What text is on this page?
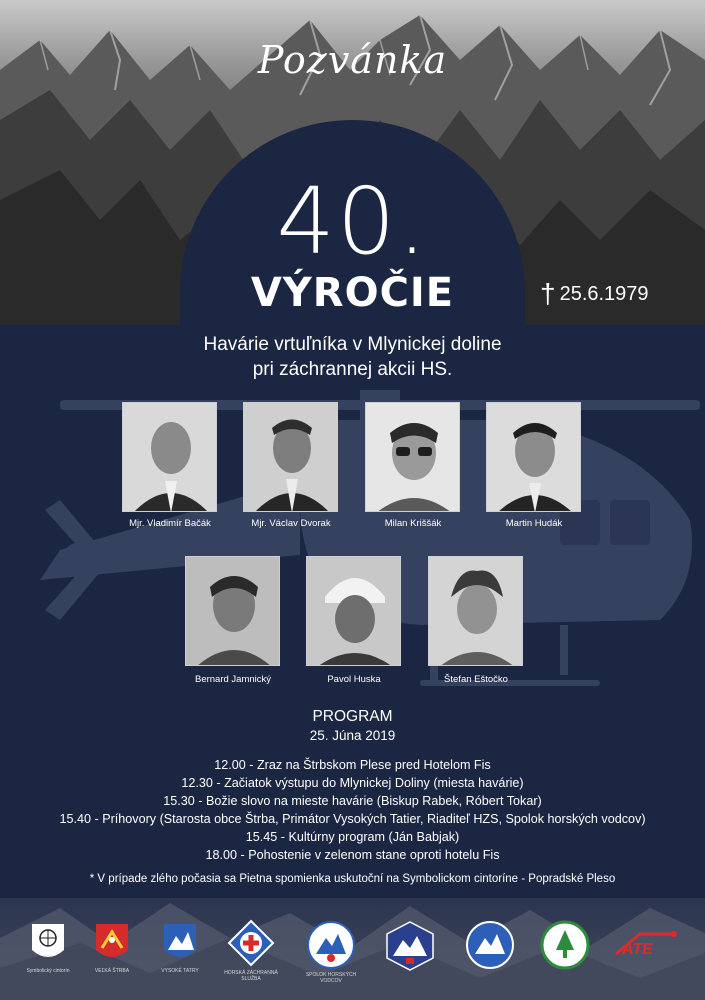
Pozvánka
40.
VÝROČIE	† 25.6.1979
Havárie vrtuľníka v Mlynickej doline
pri záchrannej akcii HS.
Mjr. Vladimír Bačák	Mjr. Václav Dvorak	Milan Kriššák	Martin Hudák
Bernard Jamnický	Pavol Huska	Štefan Eštočko
PROGRAM
25. Júna 2019
12.00 - Zraz na Štrbskom Plese pred Hotelom Fis
12.30 - Začiatok výstupu do Mlynickej Doliny (miesta havárie)
15.30 - Božie slovo na mieste havárie (Biskup Rabek, Róbert Tokar)
15.40 - Príhovory (Starosta obce Štrba, Primátor Vysokých Tatier, Riaditeľ HZS, Spolok horských vodcov)
15.45 - Kultúrny program (Ján Babjak)
18.00 - Pohostenie v zelenom stane oproti hotelu Fis
* V prípade zlého počasia sa Pietna spomienka uskutoční na Symbolickom cintoríne - Popradské Pleso
Symbolický cintorín	VEĽKÁ ŠTRBA	VYSOKÉ TATRY	HORSKÁ ZÁCHRANNÁ SLUŽBA
SPOLOK HORSKÝCH VODCOV
ATE
